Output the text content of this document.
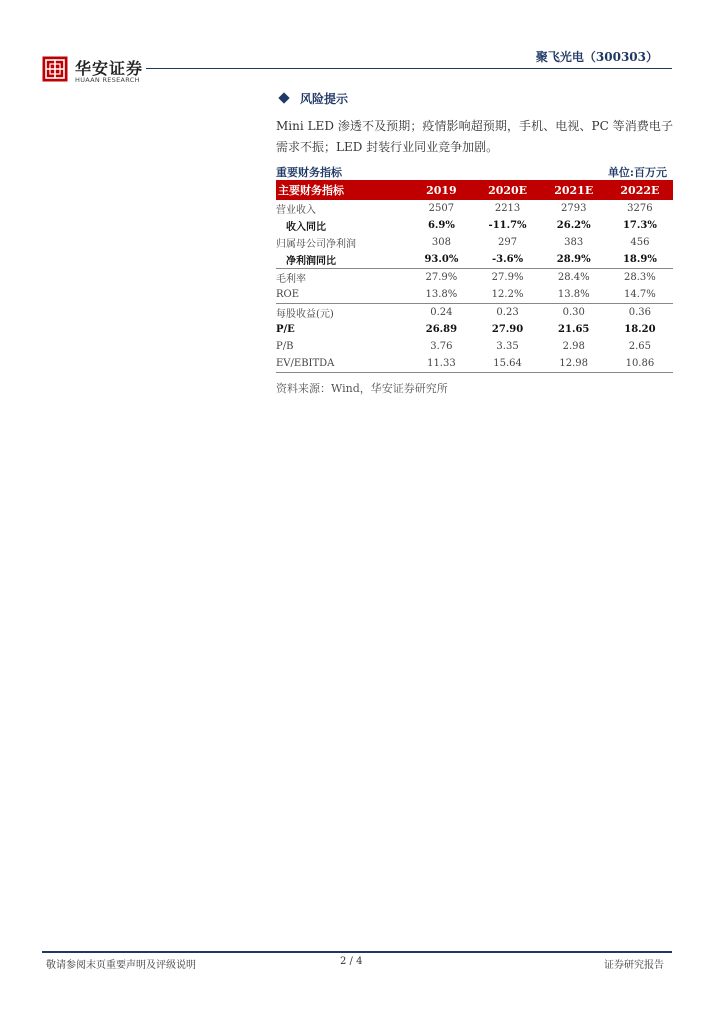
华安证券
HUAAN RESEARCH
聚飞光电（300303）
风险提示
Mini LED 渗透不及预期；疫情影响超预期，手机、电视、PC 等消费电子需求不振；LED 封装行业同业竞争加剧。
重要财务指标	单位:百万元
主要财务指标	2019	2020E	2021E	2022E
营业收入	2507	2213	2793	3276
收入同比	6.9%	-11.7%	26.2%	17.3%
归属母公司净利润	308	297	383	456
净利润同比	93.0%	-3.6%	28.9%	18.9%
毛利率	27.9%	27.9%	28.4%	28.3%
ROE	13.8%	12.2%	13.8%	14.7%
每股收益(元)	0.24	0.23	0.30	0.36
P/E	26.89	27.90	21.65	18.20
P/B	3.76	3.35	2.98	2.65
EV/EBITDA	11.33	15.64	12.98	10.86
资料来源：Wind，华安证券研究所
敬请参阅末页重要声明及评级说明	2 / 4	证券研究报告
